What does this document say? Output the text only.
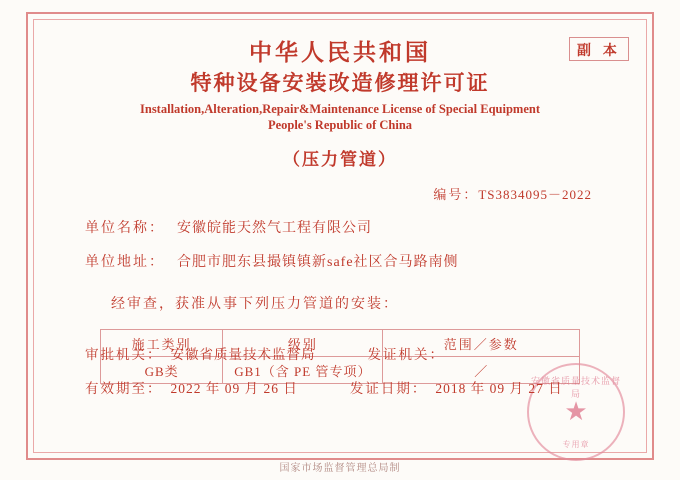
副 本
中华人民共和国
特种设备安装改造修理许可证
Installation,Alteration,Repair&Maintenance License of Special Equipment
People's Republic of China
（压力管道）
编号：TS3834095－2022
单位名称： 安徽皖能天然气工程有限公司
单位地址： 合肥市肥东县撮镇镇新safe社区合马路南侧
经审查，获准从事下列压力管道的安装：
施工类别	级别	范围／参数
GB类	GB1（含 PE 管专项）	／
安徽省质量技术监督局
★
专用章
审批机关： 安徽省质量技术监督局	发证机关：
有效期至： 2022 年 09 月 26 日	发证日期： 2018 年 09 月 27 日
国家市场监督管理总局制
